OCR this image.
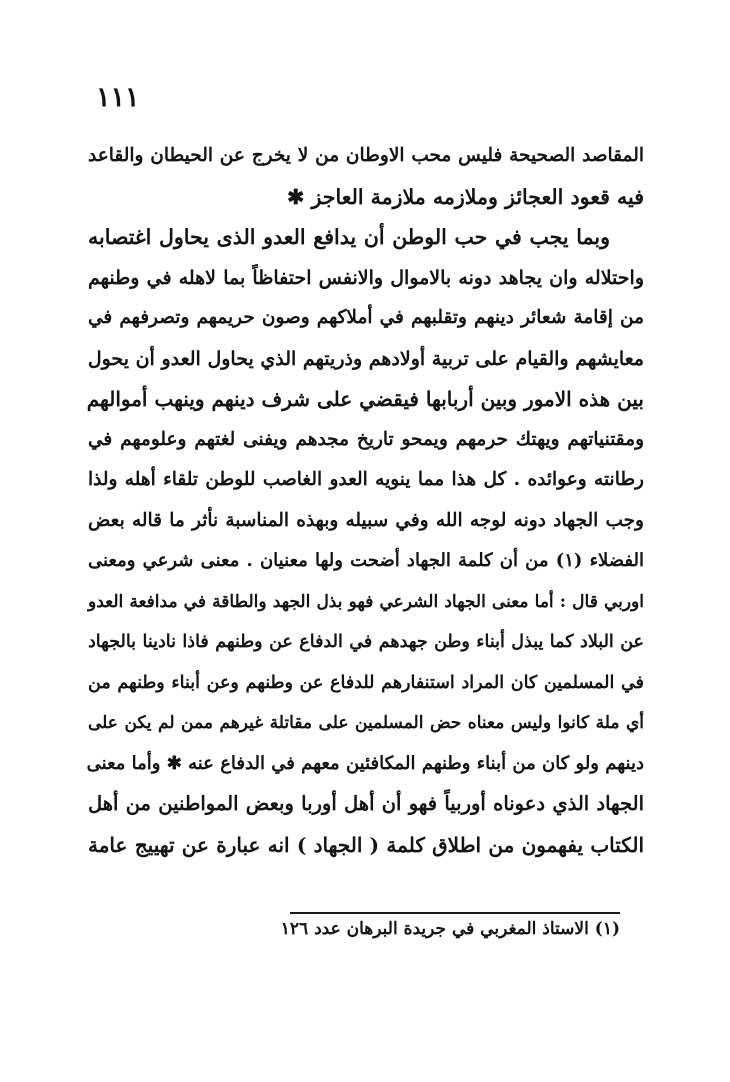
١١١
المقاصد الصحيحة فليس محب الاوطان من لا يخرج عن الحيطان والقاعد
فيه قعود العجائز وملازمه ملازمة العاجز ✱
وبما يجب في حب الوطن أن يدافع العدو الذى يحاول اغتصابه
واحتلاله وان يجاهد دونه بالاموال والانفس احتفاظاً بما لاهله في وطنهم
من إقامة شعائر دينهم وتقلبهم في أملاكهم وصون حريمهم وتصرفهم في
معايشهم والقيام على تربية أولادهم وذريتهم الذي يحاول العدو أن يحول
بين هذه الامور وبين أربابها فيقضي على شرف دينهم وينهب أموالهم
ومقتنياتهم ويهتك حرمهم ويمحو تاريخ مجدهم ويفنى لغتهم وعلومهم في
رطانته وعوائده . كل هذا مما ينويه العدو الغاصب للوطن تلقاء أهله ولذا
وجب الجهاد دونه لوجه الله وفي سبيله وبهذه المناسبة نأثر ما قاله بعض
الفضلاء (١) من أن كلمة الجهاد أضحت ولها معنيان . معنى شرعي ومعنى
اوربي قال : أما معنى الجهاد الشرعي فهو بذل الجهد والطاقة في مدافعة العدو
عن البلاد كما يبذل أبناء وطن جهدهم في الدفاع عن وطنهم فاذا نادينا بالجهاد
في المسلمين كان المراد استنفارهم للدفاع عن وطنهم وعن أبناء وطنهم من
أي ملة كانوا وليس معناه حض المسلمين على مقاتلة غيرهم ممن لم يكن على
دينهم ولو كان من أبناء وطنهم المكافئين معهم في الدفاع عنه ✱ وأما معنى
الجهاد الذي دعوناه أوربياً فهو أن أهل أوربا وبعض المواطنين من أهل
الكتاب يفهمون من اطلاق كلمة ( الجهاد ) انه عبارة عن تهييج عامة
(١) الاستاذ المغربي في جريدة البرهان عدد ١٢٦
